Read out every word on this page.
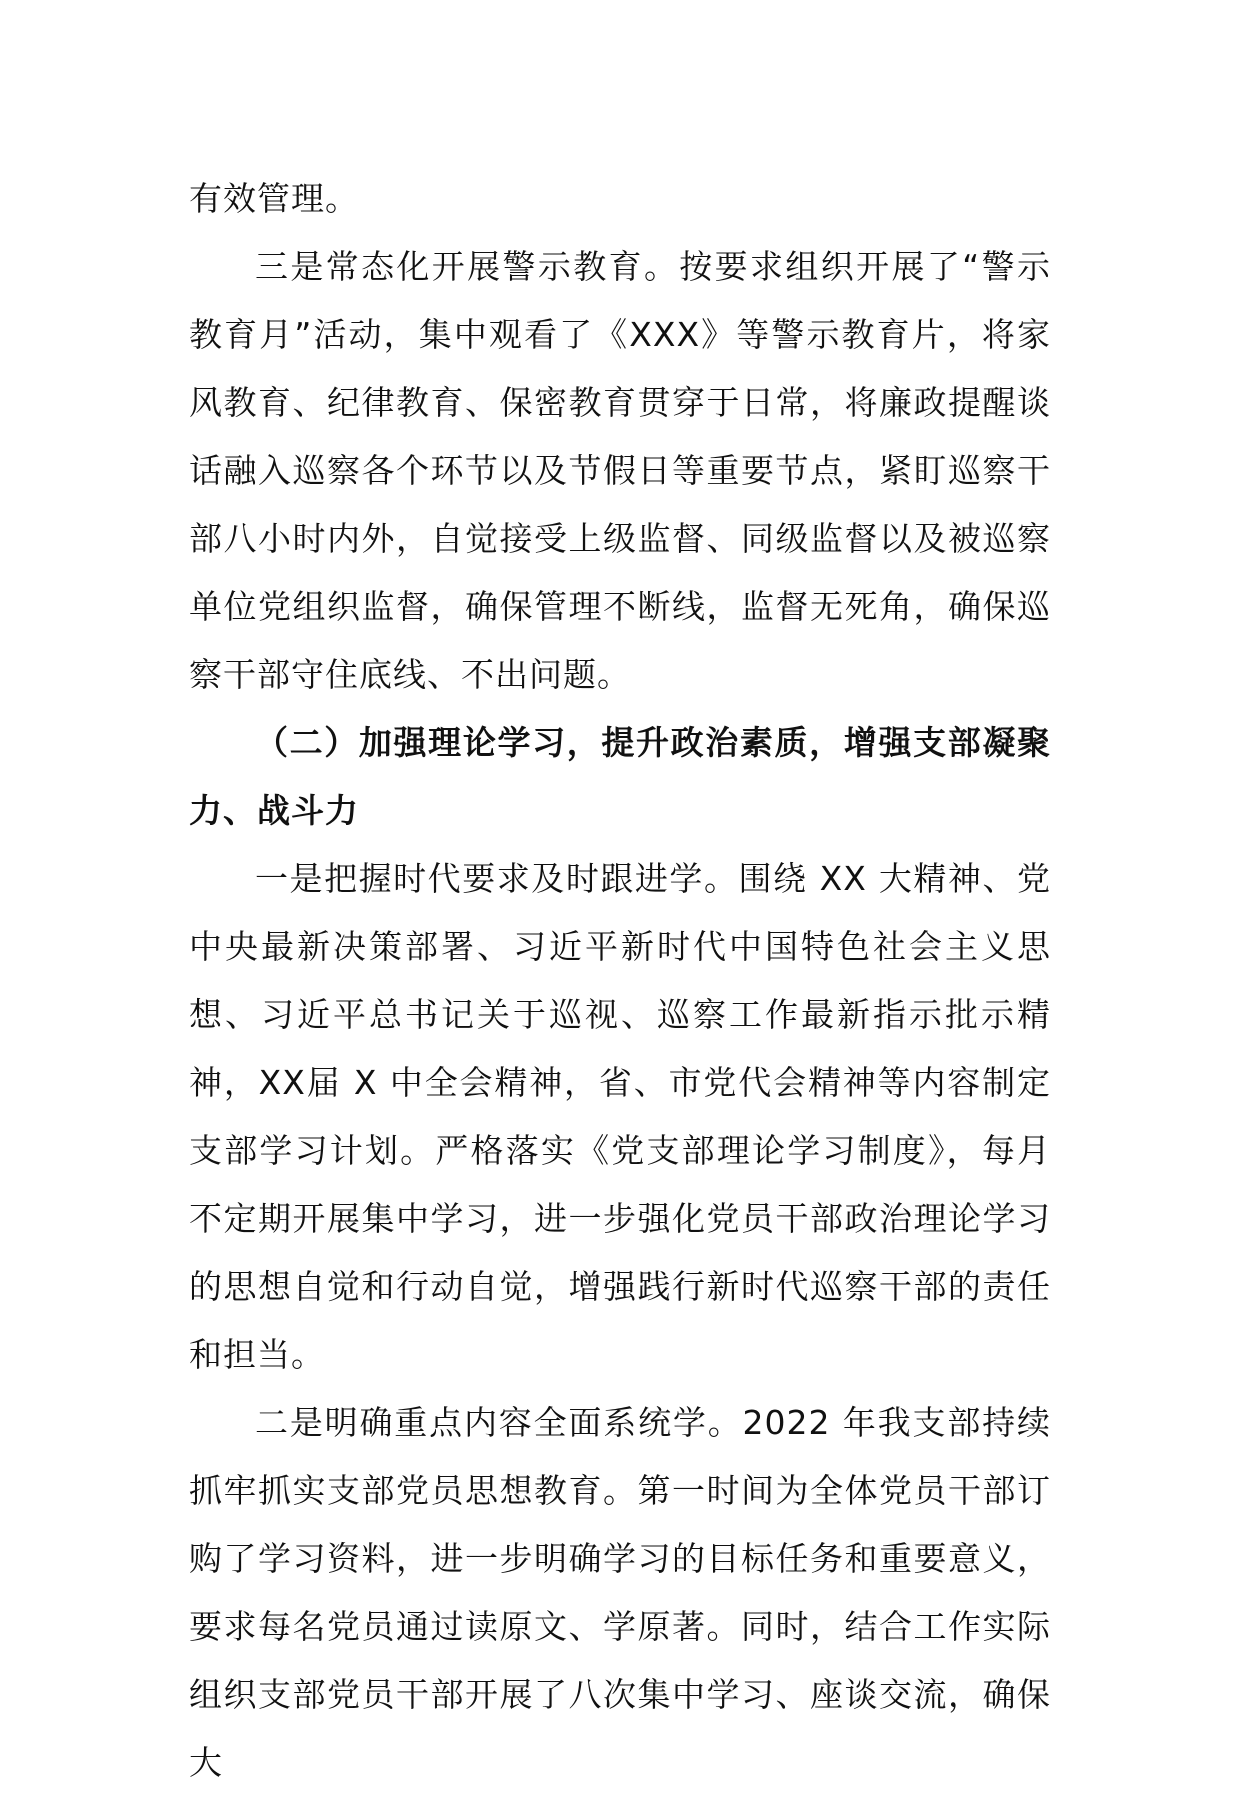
有效管理。

三是常态化开展警示教育。按要求组织开展了“警示教育月”活动，集中观看了《XXX》等警示教育片，将家风教育、纪律教育、保密教育贯穿于日常，将廉政提醒谈话融入巡察各个环节以及节假日等重要节点，紧盯巡察干部八小时内外，自觉接受上级监督、同级监督以及被巡察单位党组织监督，确保管理不断线，监督无死角，确保巡察干部守住底线、不出问题。

（二）加强理论学习，提升政治素质，增强支部凝聚力、战斗力

一是把握时代要求及时跟进学。围绕 XX 大精神、党中央最新决策部署、习近平新时代中国特色社会主义思想、习近平总书记关于巡视、巡察工作最新指示批示精神，XX届 X 中全会精神，省、市党代会精神等内容制定支部学习计划。严格落实《党支部理论学习制度》，每月不定期开展集中学习，进一步强化党员干部政治理论学习的思想自觉和行动自觉，增强践行新时代巡察干部的责任和担当。

二是明确重点内容全面系统学。2022 年我支部持续抓牢抓实支部党员思想教育。第一时间为全体党员干部订购了学习资料，进一步明确学习的目标任务和重要意义，要求每名党员通过读原文、学原著。同时，结合工作实际组织支部党员干部开展了八次集中学习、座谈交流，确保大
